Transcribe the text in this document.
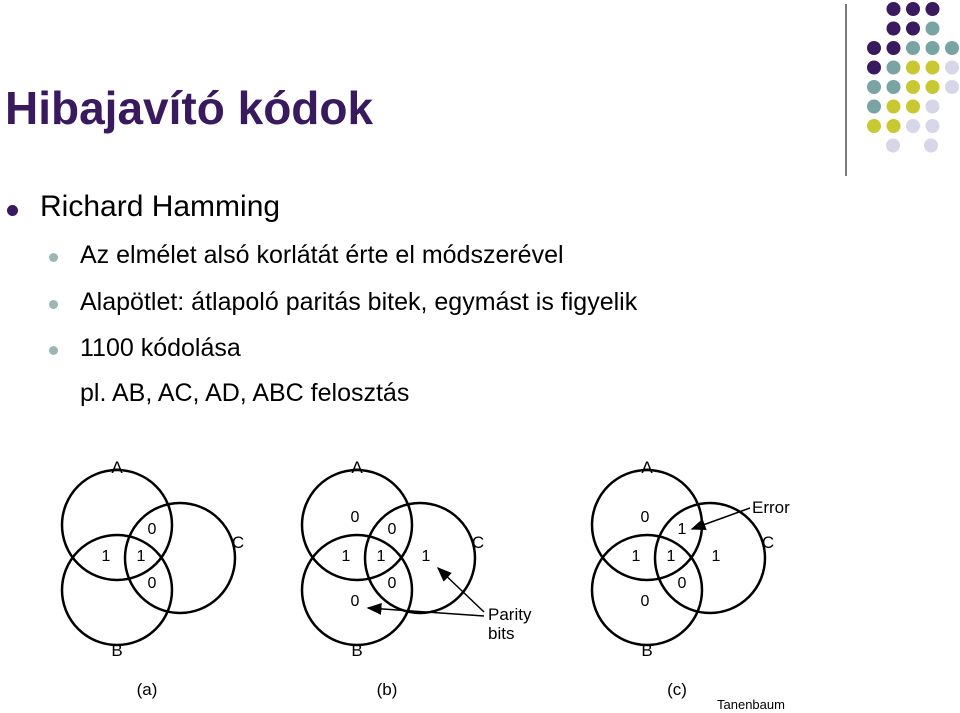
Hibajavító kódok
Richard Hamming
Az elmélet alsó korlátát érte el módszerével
Alapötlet: átlapoló paritás bitek, egymást is figyelik
1100 kódolása
pl. AB, AC, AD, ABC felosztás
A
B
C
1
0
1
0
(a)
A
B
C
0
1
0
1
0
0
1
(b)
Parity
bits
A
B
C
0
1
1
1
0
0
1
(c)
Error
Tanenbaum
